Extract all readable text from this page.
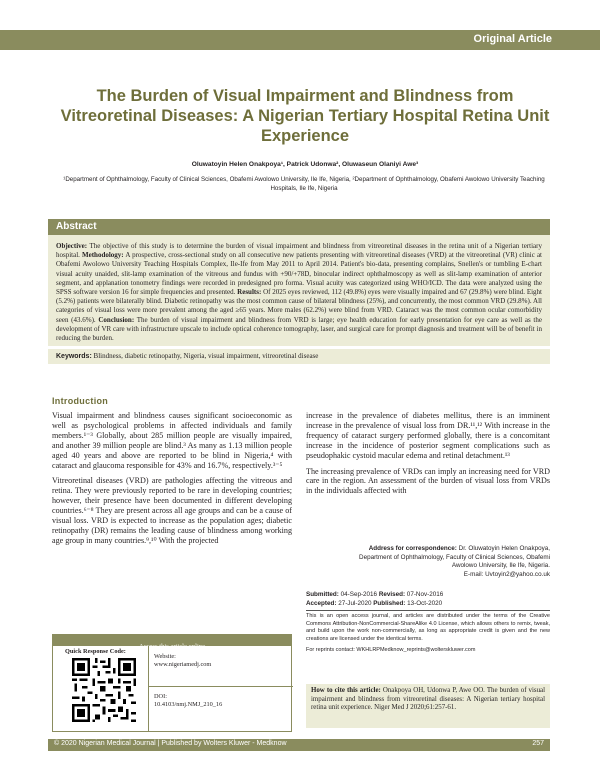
Original Article
The Burden of Visual Impairment and Blindness from Vitreoretinal Diseases: A Nigerian Tertiary Hospital Retina Unit Experience
Oluwatoyin Helen Onakpoya¹, Patrick Udonwa², Oluwaseun Olaniyi Awe³
¹Department of Ophthalmology, Faculty of Clinical Sciences, Obafemi Awolowo University, Ile Ife, Nigeria, ²Department of Ophthalmology, Obafemi Awolowo University Teaching Hospitals, Ile Ife, Nigeria
Abstract
Objective: The objective of this study is to determine the burden of visual impairment and blindness from vitreoretinal diseases in the retina unit of a Nigerian tertiary hospital. Methodology: A prospective, cross-sectional study on all consecutive new patients presenting with vitreoretinal diseases (VRD) at the vitreoretinal (VR) clinic at Obafemi Awolowo University Teaching Hospitals Complex, Ile-Ife from May 2011 to April 2014. Patient's bio-data, presenting complains, Snellen's or tumbling E-chart visual acuity unaided, slit-lamp examination of the vitreous and fundus with +90/+78D, binocular indirect ophthalmoscopy as well as slit-lamp examination of anterior segment, and applanation tonometry findings were recorded in predesigned pro forma. Visual acuity was categorized using WHO/ICD. The data were analyzed using the SPSS software version 16 for simple frequencies and presented. Results: Of 2025 eyes reviewed, 112 (49.8%) eyes were visually impaired and 67 (29.8%) were blind. Eight (5.2%) patients were bilaterally blind. Diabetic retinopathy was the most common cause of bilateral blindness (25%), and concurrently, the most common VRD (29.8%). All categories of visual loss were more prevalent among the aged ≥65 years. More males (62.2%) were blind from VRD. Cataract was the most common ocular comorbidity seen (43.6%). Conclusion: The burden of visual impairment and blindness from VRD is large; eye health education for early presentation for eye care as well as the development of VR care with infrastructure upscale to include optical coherence tomography, laser, and surgical care for prompt diagnosis and treatment will be of benefit in reducing the burden.
Keywords: Blindness, diabetic retinopathy, Nigeria, visual impairment, vitreoretinal disease
Introduction

Visual impairment and blindness causes significant socioeconomic as well as psychological problems in affected individuals and family members.¹⁻³ Globally, about 285 million people are visually impaired, and another 39 million people are blind.³ As many as 1.13 million people aged 40 years and above are reported to be blind in Nigeria,⁴ with cataract and glaucoma responsible for 43% and 16.7%, respectively.³⁻⁵

Vitreoretinal diseases (VRD) are pathologies affecting the vitreous and retina. They were previously reported to be rare in developing countries; however, their presence have been documented in different developing countries.⁶⁻⁸ They are present across all age groups and can be a cause of visual loss. VRD is expected to increase as the population ages; diabetic retinopathy (DR) remains the leading cause of blindness among working age group in many countries.⁹,¹⁰ With the projected

increase in the prevalence of diabetes mellitus, there is an imminent increase in the prevalence of visual loss from DR.¹¹,¹² With increase in the frequency of cataract surgery performed globally, there is a concomitant increase in the incidence of posterior segment complications such as pseudophakic cystoid macular edema and retinal detachment.¹³

The increasing prevalence of VRDs can imply an increasing need for VRD care in the region. An assessment of the burden of visual loss from VRDs in the individuals affected with

Address for correspondence: Dr. Oluwatoyin Helen Onakpoya,
Department of Ophthalmology, Faculty of Clinical Sciences, Obafemi
Awolowo University, Ile Ife, Nigeria.
E-mail: Uvtoyin2@yahoo.co.uk
Submitted: 04-Sep-2016 Revised: 07-Nov-2016
Accepted: 27-Jul-2020 Published: 13-Oct-2020
This is an open access journal, and articles are distributed under the terms of the Creative Commons Attribution-NonCommercial-ShareAlike 4.0 License, which allows others to remix, tweak, and build upon the work non-commercially, as long as appropriate credit is given and the new creations are licensed under the identical terms.
For reprints contact: WKHLRPMedknow_reprints@wolterskluwer.com
How to cite this article: Onakpoya OH, Udonwa P, Awe OO. The burden of visual impairment and blindness from vitreoretinal diseases: A Nigerian tertiary hospital retina unit experience. Niger Med J 2020;61:257-61.
Access this article online
Quick Response Code:
Website:
www.nigeriamedj.com
DOI:
10.4103/nmj.NMJ_210_16
© 2020 Nigerian Medical Journal | Published by Wolters Kluwer - Medknow	257
